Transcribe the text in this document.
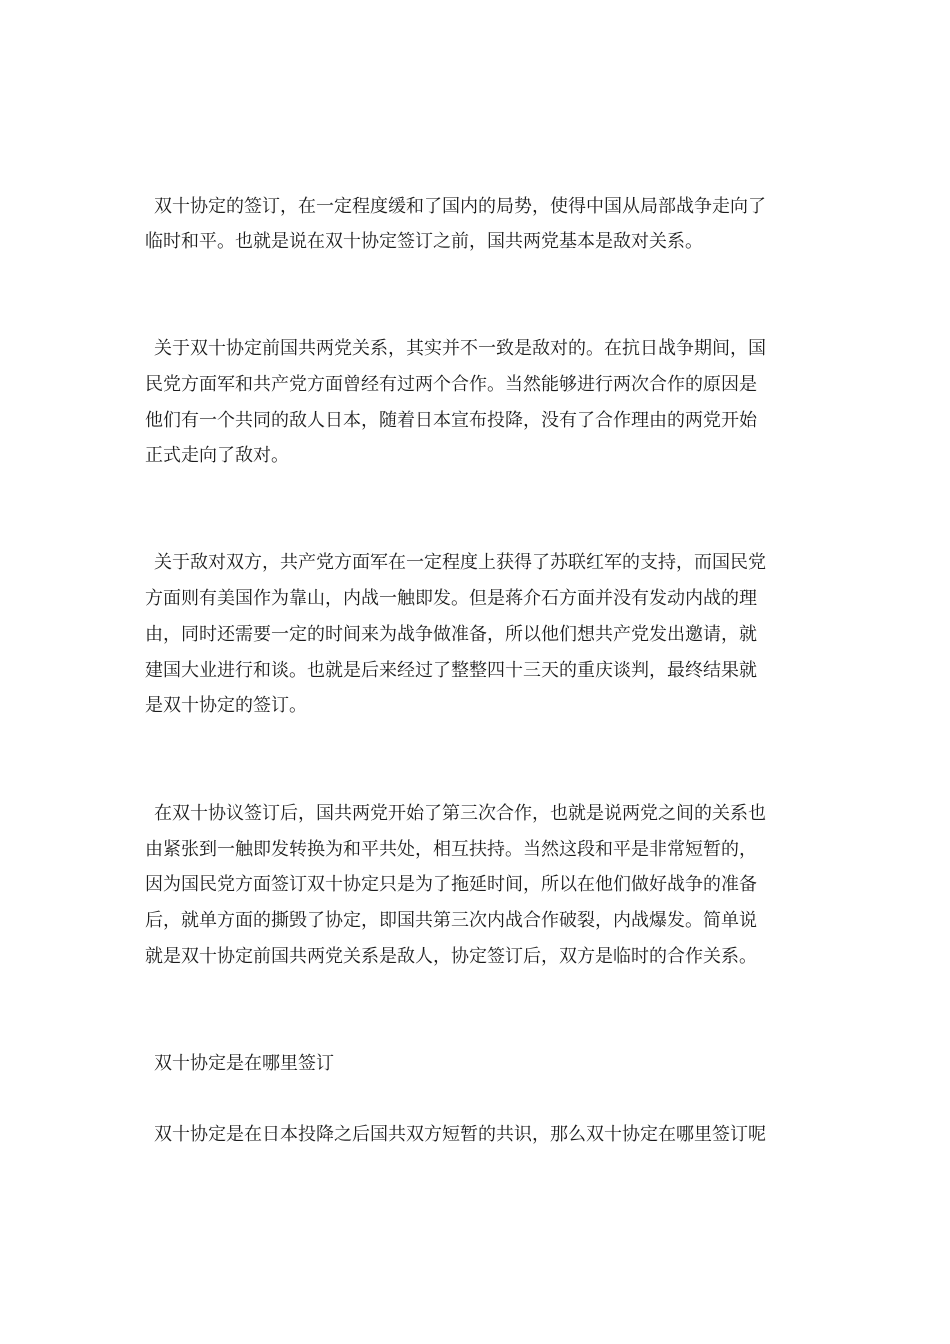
双十协定的签订，在一定程度缓和了国内的局势，使得中国从局部战争走向了

临时和平。也就是说在双十协定签订之前，国共两党基本是敌对关系。

关于双十协定前国共两党关系，其实并不一致是敌对的。在抗日战争期间，国

民党方面军和共产党方面曾经有过两个合作。当然能够进行两次合作的原因是

他们有一个共同的敌人日本，随着日本宣布投降，没有了合作理由的两党开始

正式走向了敌对。

关于敌对双方，共产党方面军在一定程度上获得了苏联红军的支持，而国民党

方面则有美国作为靠山，内战一触即发。但是蒋介石方面并没有发动内战的理

由，同时还需要一定的时间来为战争做准备，所以他们想共产党发出邀请，就

建国大业进行和谈。也就是后来经过了整整四十三天的重庆谈判，最终结果就

是双十协定的签订。

在双十协议签订后，国共两党开始了第三次合作，也就是说两党之间的关系也

由紧张到一触即发转换为和平共处，相互扶持。当然这段和平是非常短暂的，

因为国民党方面签订双十协定只是为了拖延时间，所以在他们做好战争的准备

后，就单方面的撕毁了协定，即国共第三次内战合作破裂，内战爆发。简单说

就是双十协定前国共两党关系是敌人，协定签订后，双方是临时的合作关系。

双十协定是在哪里签订

双十协定是在日本投降之后国共双方短暂的共识，那么双十协定在哪里签订呢
